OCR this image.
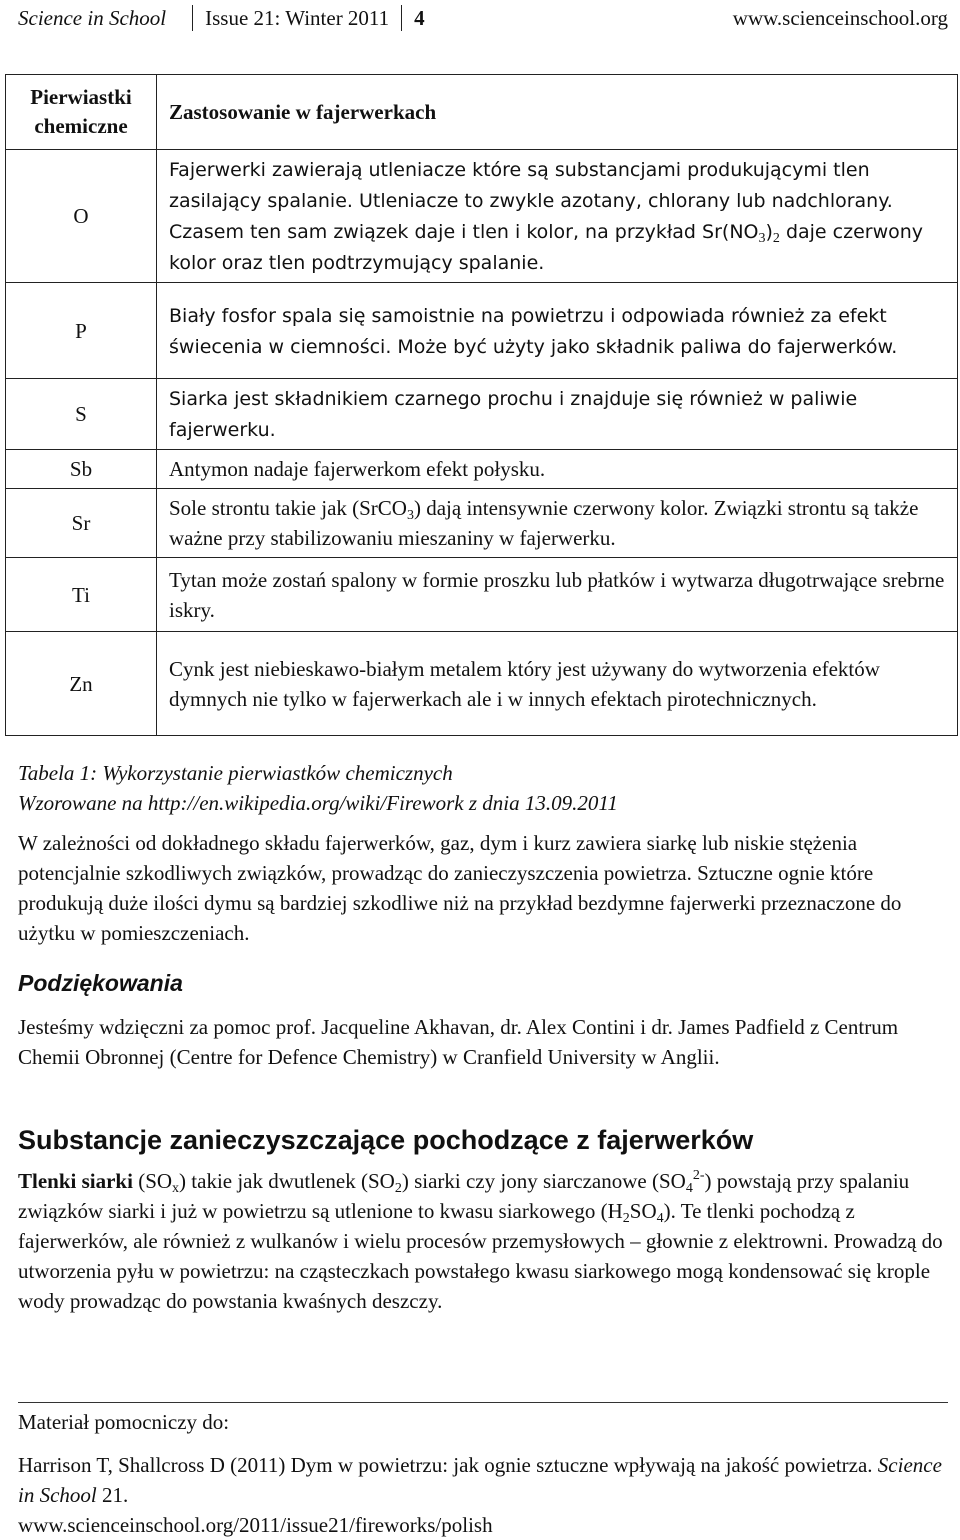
Science in School	Issue 21: Winter 2011 4	www.scienceinschool.org
Pierwiastki chemiczne	Zastosowanie w fajerwerkach
O	Fajerwerki zawierają utleniacze które są substancjami produkującymi tlen zasilający spalanie. Utleniacze to zwykle azotany, chlorany lub nadchlorany. Czasem ten sam związek daje i tlen i kolor, na przykład $Sr(NO_3)_2$ daje czerwony kolor oraz tlen podtrzymujący spalanie.
P	Biały fosfor spala się samoistnie na powietrzu i odpowiada również za efekt świecenia w ciemności. Może być użyty jako składnik paliwa do fajerwerków.
S	Siarka jest składnikiem czarnego prochu i znajduje się również w paliwie fajerwerku.
Sb	Antymon nadaje fajerwerkom efekt połysku.
Sr	Sole strontu takie jak (SrCO$_3$) dają intensywnie czerwony kolor. Związki strontu są także ważne przy stabilizowaniu mieszaniny w fajerwerku.
Ti	Tytan może zostań spalony w formie proszku lub płatków i wytwarza długotrwające srebrne iskry.
Zn	Cynk jest niebieskawo-białym metalem który jest używany do wytworzenia efektów dymnych nie tylko w fajerwerkach ale i w innych efektach pirotechnicznych.
Tabela 1: Wykorzystanie pierwiastków chemicznych
Wzorowane na http://en.wikipedia.org/wiki/Firework z dnia 13.09.2011
W zależności od dokładnego składu fajerwerków, gaz, dym i kurz zawiera siarkę lub niskie stężenia potencjalnie szkodliwych związków, prowadząc do zanieczyszczenia powietrza. Sztuczne ognie które produkują duże ilości dymu są bardziej szkodliwe niż na przykład bezdymne fajerwerki przeznaczone do użytku w pomieszczeniach.
Podziękowania
Jesteśmy wdzięczni za pomoc prof. Jacqueline Akhavan, dr. Alex Contini i dr. James Padfield z Centrum Chemii Obronnej (Centre for Defence Chemistry) w Cranfield University w Anglii.
Substancje zanieczyszczające pochodzące z fajerwerków
Tlenki siarki $(SO_x)$ takie jak dwutlenek $(SO_2)$ siarki czy jony siarczanowe $(SO_4^{2-})$ powstają przy spalaniu związków siarki i już w powietrzu są utlenione to kwasu siarkowego $(H_2SO_4)$. Te tlenki pochodzą z fajerwerków, ale również z wulkanów i wielu procesów przemysłowych – głownie z elektrowni. Prowadzą do utworzenia pyłu w powietrzu: na cząsteczkach powstałego kwasu siarkowego mogą kondensować się krople wody prowadząc do powstania kwaśnych deszczy.
Materiał pomocniczy do:
Harrison T, Shallcross D (2011) Dym w powietrzu: jak ognie sztuczne wpływają na jakość powietrza. Science in School 21.
www.scienceinschool.org/2011/issue21/fireworks/polish
